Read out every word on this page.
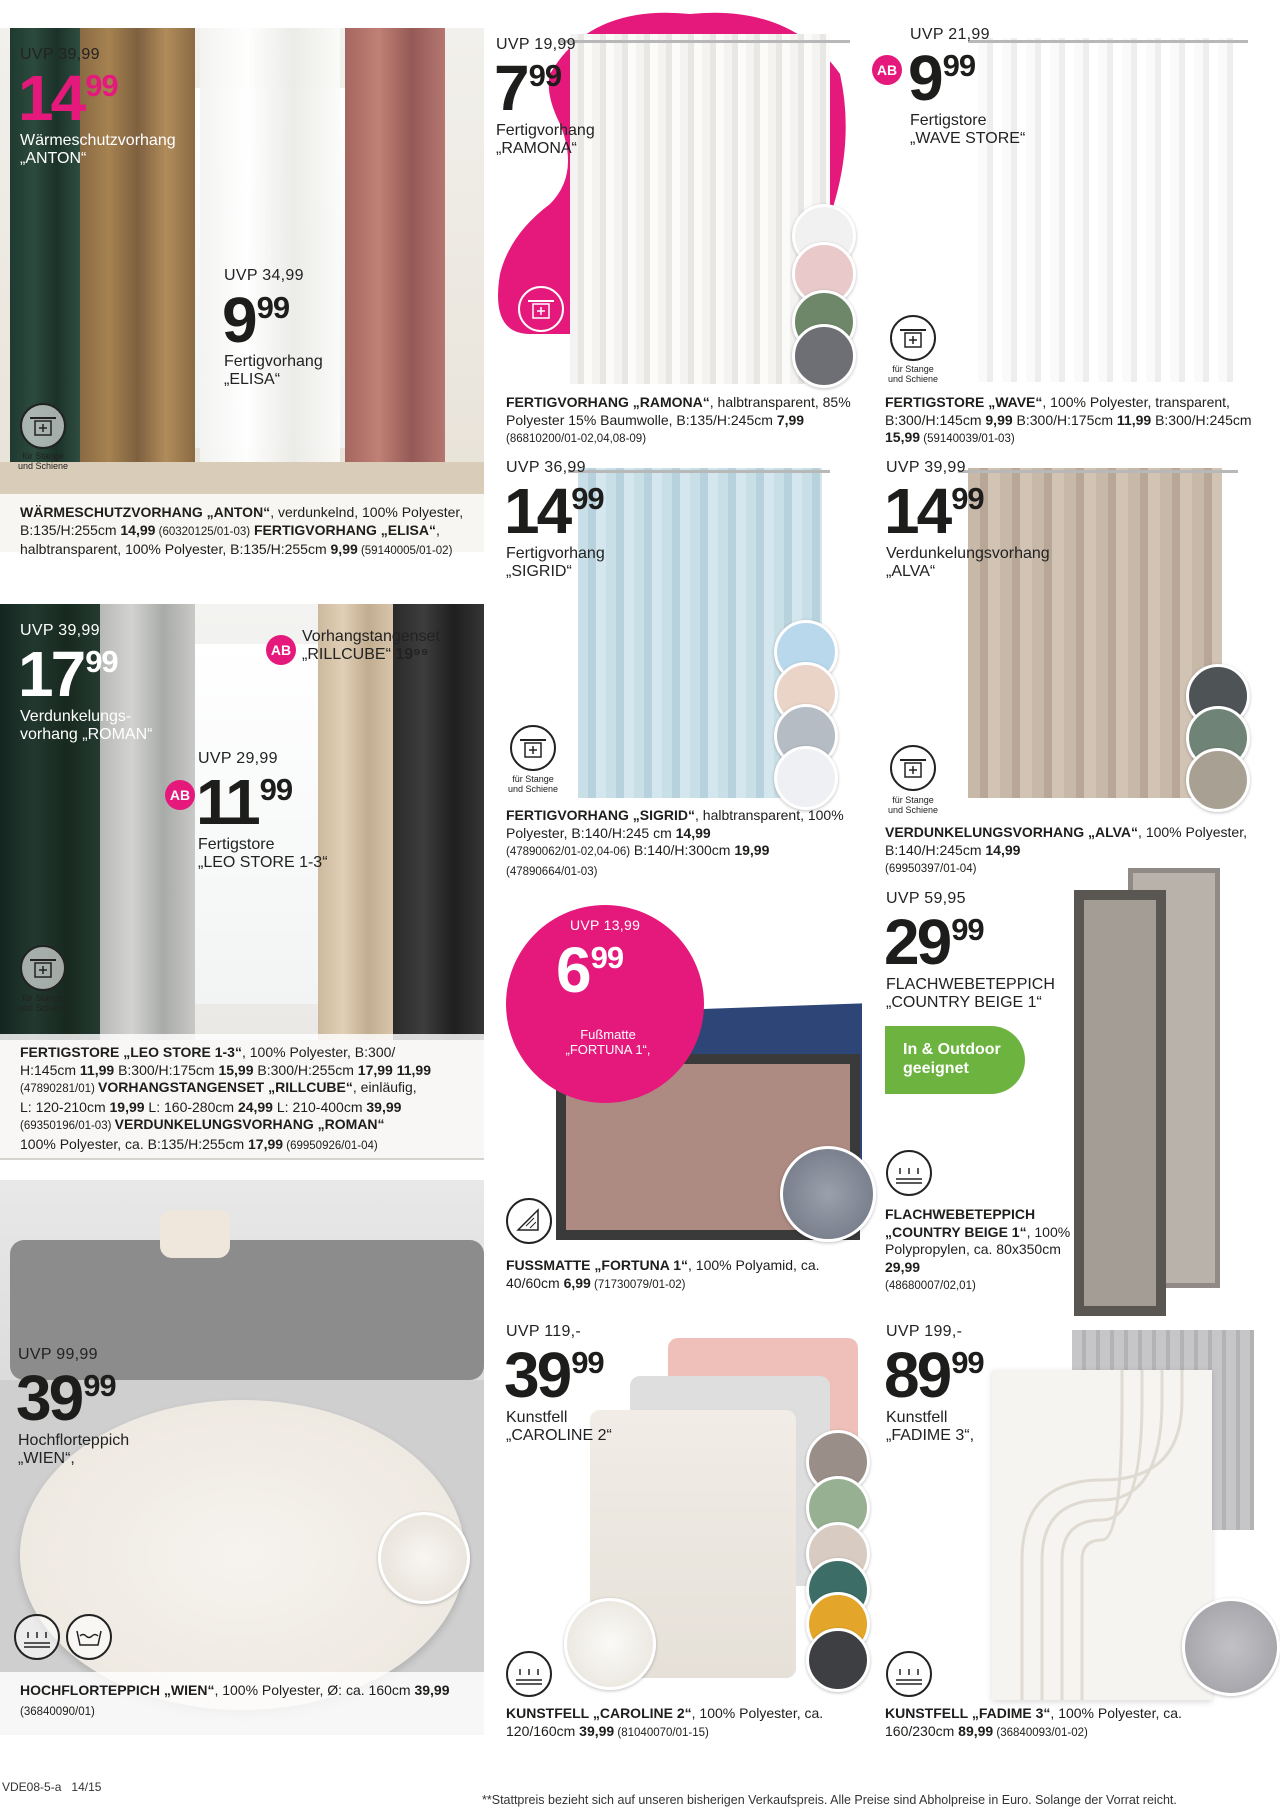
UVP 39,99
$14^{99}$
Wärmeschutzvorhang
„ANTON“
UVP 34,99
$9^{99}$
Fertigvorhang
„ELISA“
für Stange
und Schiene
WÄRMESCHUTZVORHANG „ANTON“, verdunkelnd, 100% Polyester, B:135/H:255cm 14,99 (60320125/01-03) FERTIGVORHANG „ELISA“, halbtransparent, 100% Polyester, B:135/H:255cm 9,99 (59140005/01-02)
UVP 39,99
$17^{99}$
Verdunkelungs-
vorhang „ROMAN“
AB
Vorhangstangenset
„RILLCUBE“ 19⁹⁹
UVP 29,99
AB $11^{99}$
Fertigstore
„LEO STORE 1-3“
für Stange
und Schiene
FERTIGSTORE „LEO STORE 1-3“, 100% Polyester, B:300/
H:145cm 11,99 B:300/H:175cm 15,99 B:300/H:255cm 17,99 11,99
(47890281/01) VORHANGSTANGENSET „RILLCUBE“, einläufig,
L: 120-210cm 19,99 L: 160-280cm 24,99 L: 210-400cm 39,99
(69350196/01-03) VERDUNKELUNGSVORHANG „ROMAN“
100% Polyester, ca. B:135/H:255cm 17,99 (69950926/01-04)
UVP 99,99
$39^{99}$
Hochflorteppich
„WIEN“,
HOCHFLORTEPPICH „WIEN“, 100% Polyester, Ø: ca. 160cm 39,99 (36840090/01)
UVP 19,99
$7^{99}$
Fertigvorhang
„RAMONA“
für Stange
und Schiene
FERTIGVORHANG „RAMONA“, halbtransparent, 85% Polyester 15% Baumwolle, B:135/H:245cm 7,99
(86810200/01-02,04,08-09)
UVP 36,99
$14^{99}$
Fertigvorhang
„SIGRID“
für Stange
und Schiene
FERTIGVORHANG „SIGRID“, halbtransparent, 100% Polyester, B:140/H:245 cm 14,99
(47890062/01-02,04-06) B:140/H:300cm 19,99
(47890664/01-03)
UVP 13,99
$6^{99}$
Fußmatte
„FORTUNA 1“,
FUSSMATTE „FORTUNA 1“, 100% Polyamid, ca. 40/60cm 6,99 (71730079/01-02)
UVP 119,-
$39^{99}$
Kunstfell
„CAROLINE 2“
KUNSTFELL „CAROLINE 2“, 100% Polyester, ca. 120/160cm 39,99 (81040070/01-15)
UVP 21,99
AB $9^{99}$
Fertigstore
„WAVE STORE“
für Stange
und Schiene
FERTIGSTORE „WAVE“, 100% Polyester, transparent, B:300/H:145cm 9,99 B:300/H:175cm 11,99 B:300/H:245cm 15,99 (59140039/01-03)
UVP 39,99
$14^{99}$
Verdunkelungsvorhang
„ALVA“
für Stange
und Schiene
VERDUNKELUNGSVORHANG „ALVA“, 100% Polyester, B:140/H:245cm 14,99
(69950397/01-04)
UVP 59,95
$29^{99}$
FLACHWEBETEPPICH
„COUNTRY BEIGE 1“
In & Outdoor
geeignet
FLACHWEBETEPPICH „COUNTRY BEIGE 1“, 100% Polypropylen, ca. 80x350cm 29,99
(48680007/02,01)
UVP 199,-
$89^{99}$
Kunstfell
„FADIME 3“,
KUNSTFELL „FADIME 3“, 100% Polyester, ca. 160/230cm 89,99 (36840093/01-02)
VDE08-5-a 14/15
**Stattpreis bezieht sich auf unseren bisherigen Verkaufspreis. Alle Preise sind Abholpreise in Euro. Solange der Vorrat reicht.
